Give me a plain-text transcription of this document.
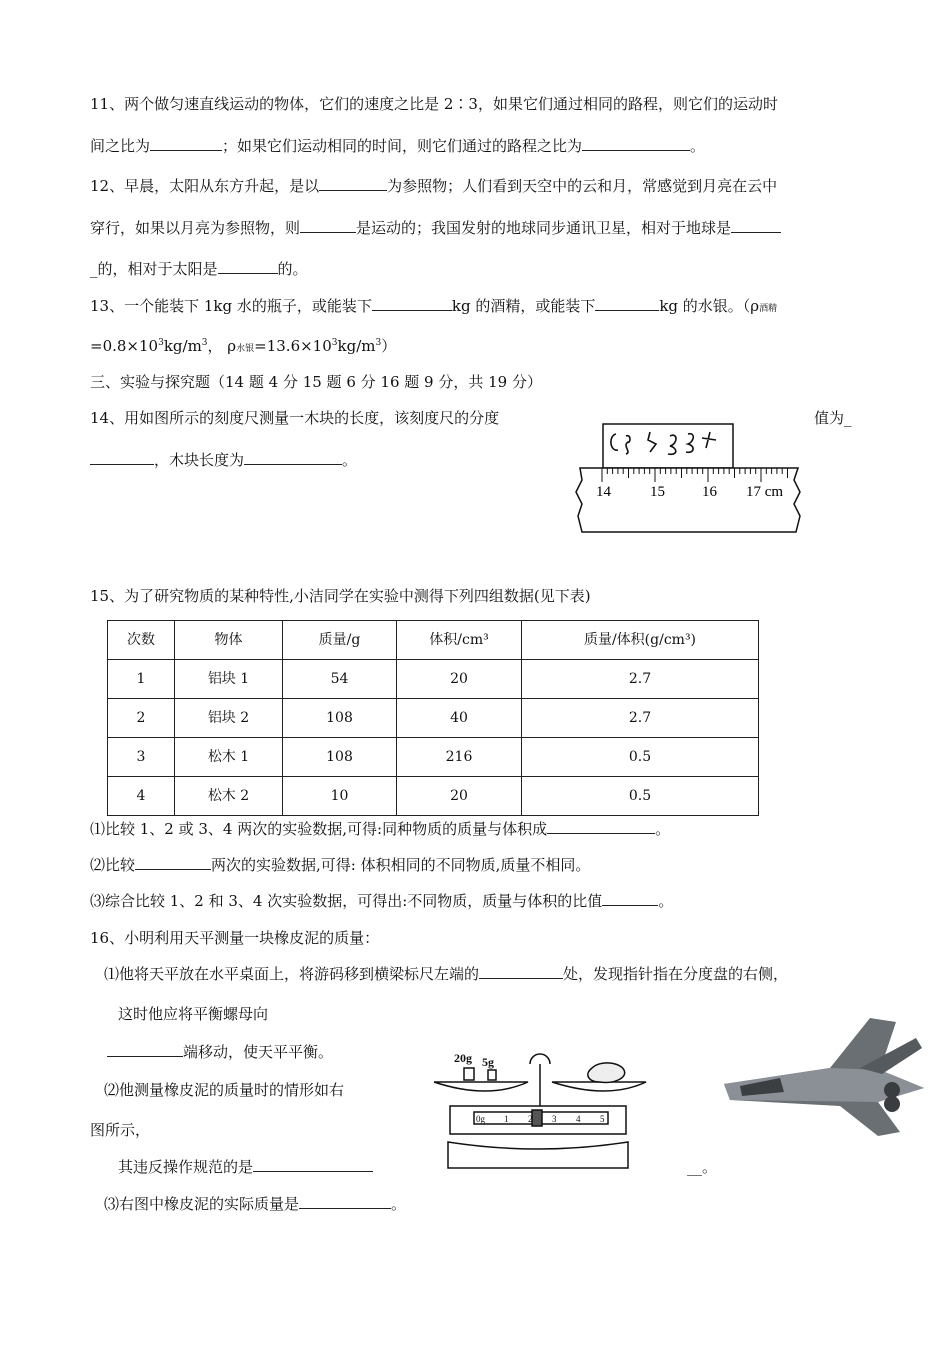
11、两个做匀速直线运动的物体，它们的速度之比是 2∶3，如果它们通过相同的路程，则它们的运动时
间之比为	；如果它们运动相同的时间，则它们通过的路程之比为	。
12、早晨，太阳从东方升起，是以	为参照物；人们看到天空中的云和月，常感觉到月亮在云中
穿行，如果以月亮为参照物，则	是运动的；我国发射的地球同步通讯卫星，相对于地球是
_的，相对于太阳是	的。
13、一个能装下 1kg 水的瓶子，或能装下	kg 的酒精，或能装下	kg 的水银。（ρ酒精
$=0.8\times 10^3kg/m^3$， ρ水银$=13.6\times 10^3kg/m^3$）
三、实验与探究题（14 题 4 分 15 题 6 分 16 题 9 分，共 19 分）
14、用如图所示的刻度尺测量一木块的长度，该刻度尺的分度	值为_
，木块长度为	。
14	15 16 17 cm
15、为了研究物质的某种特性,小洁同学在实验中测得下列四组数据(见下表)
次数	物体	质量/g	体积/cm³	质量/体积(g/cm³)
1	铝块 1	54	20	2.7
2	铝块 2	108	40	2.7
3	松木 1	108	216	0.5
4	松木 2	10	20	0.5
⑴比较 1、2 或 3、4 两次的实验数据,可得:同种物质的质量与体积成	。
⑵比较	两次的实验数据,可得: 体积相同的不同物质,质量不相同。
⑶综合比较 1、2 和 3、4 次实验数据，可得出:不同物质，质量与体积的比值	。
16、小明利用天平测量一块橡皮泥的质量：
⑴他将天平放在水平桌面上，将游码移到横梁标尺左端的	处，发现指针指在分度盘的右侧，
这时他应将平衡螺母向
端移动，使天平平衡。
⑵他测量橡皮泥的质量时的情形如右
图所示，
其违反操作规范的是	__。
⑶右图中橡皮泥的实际质量是	。
20g 5g
0g 1 2 3 4 5
